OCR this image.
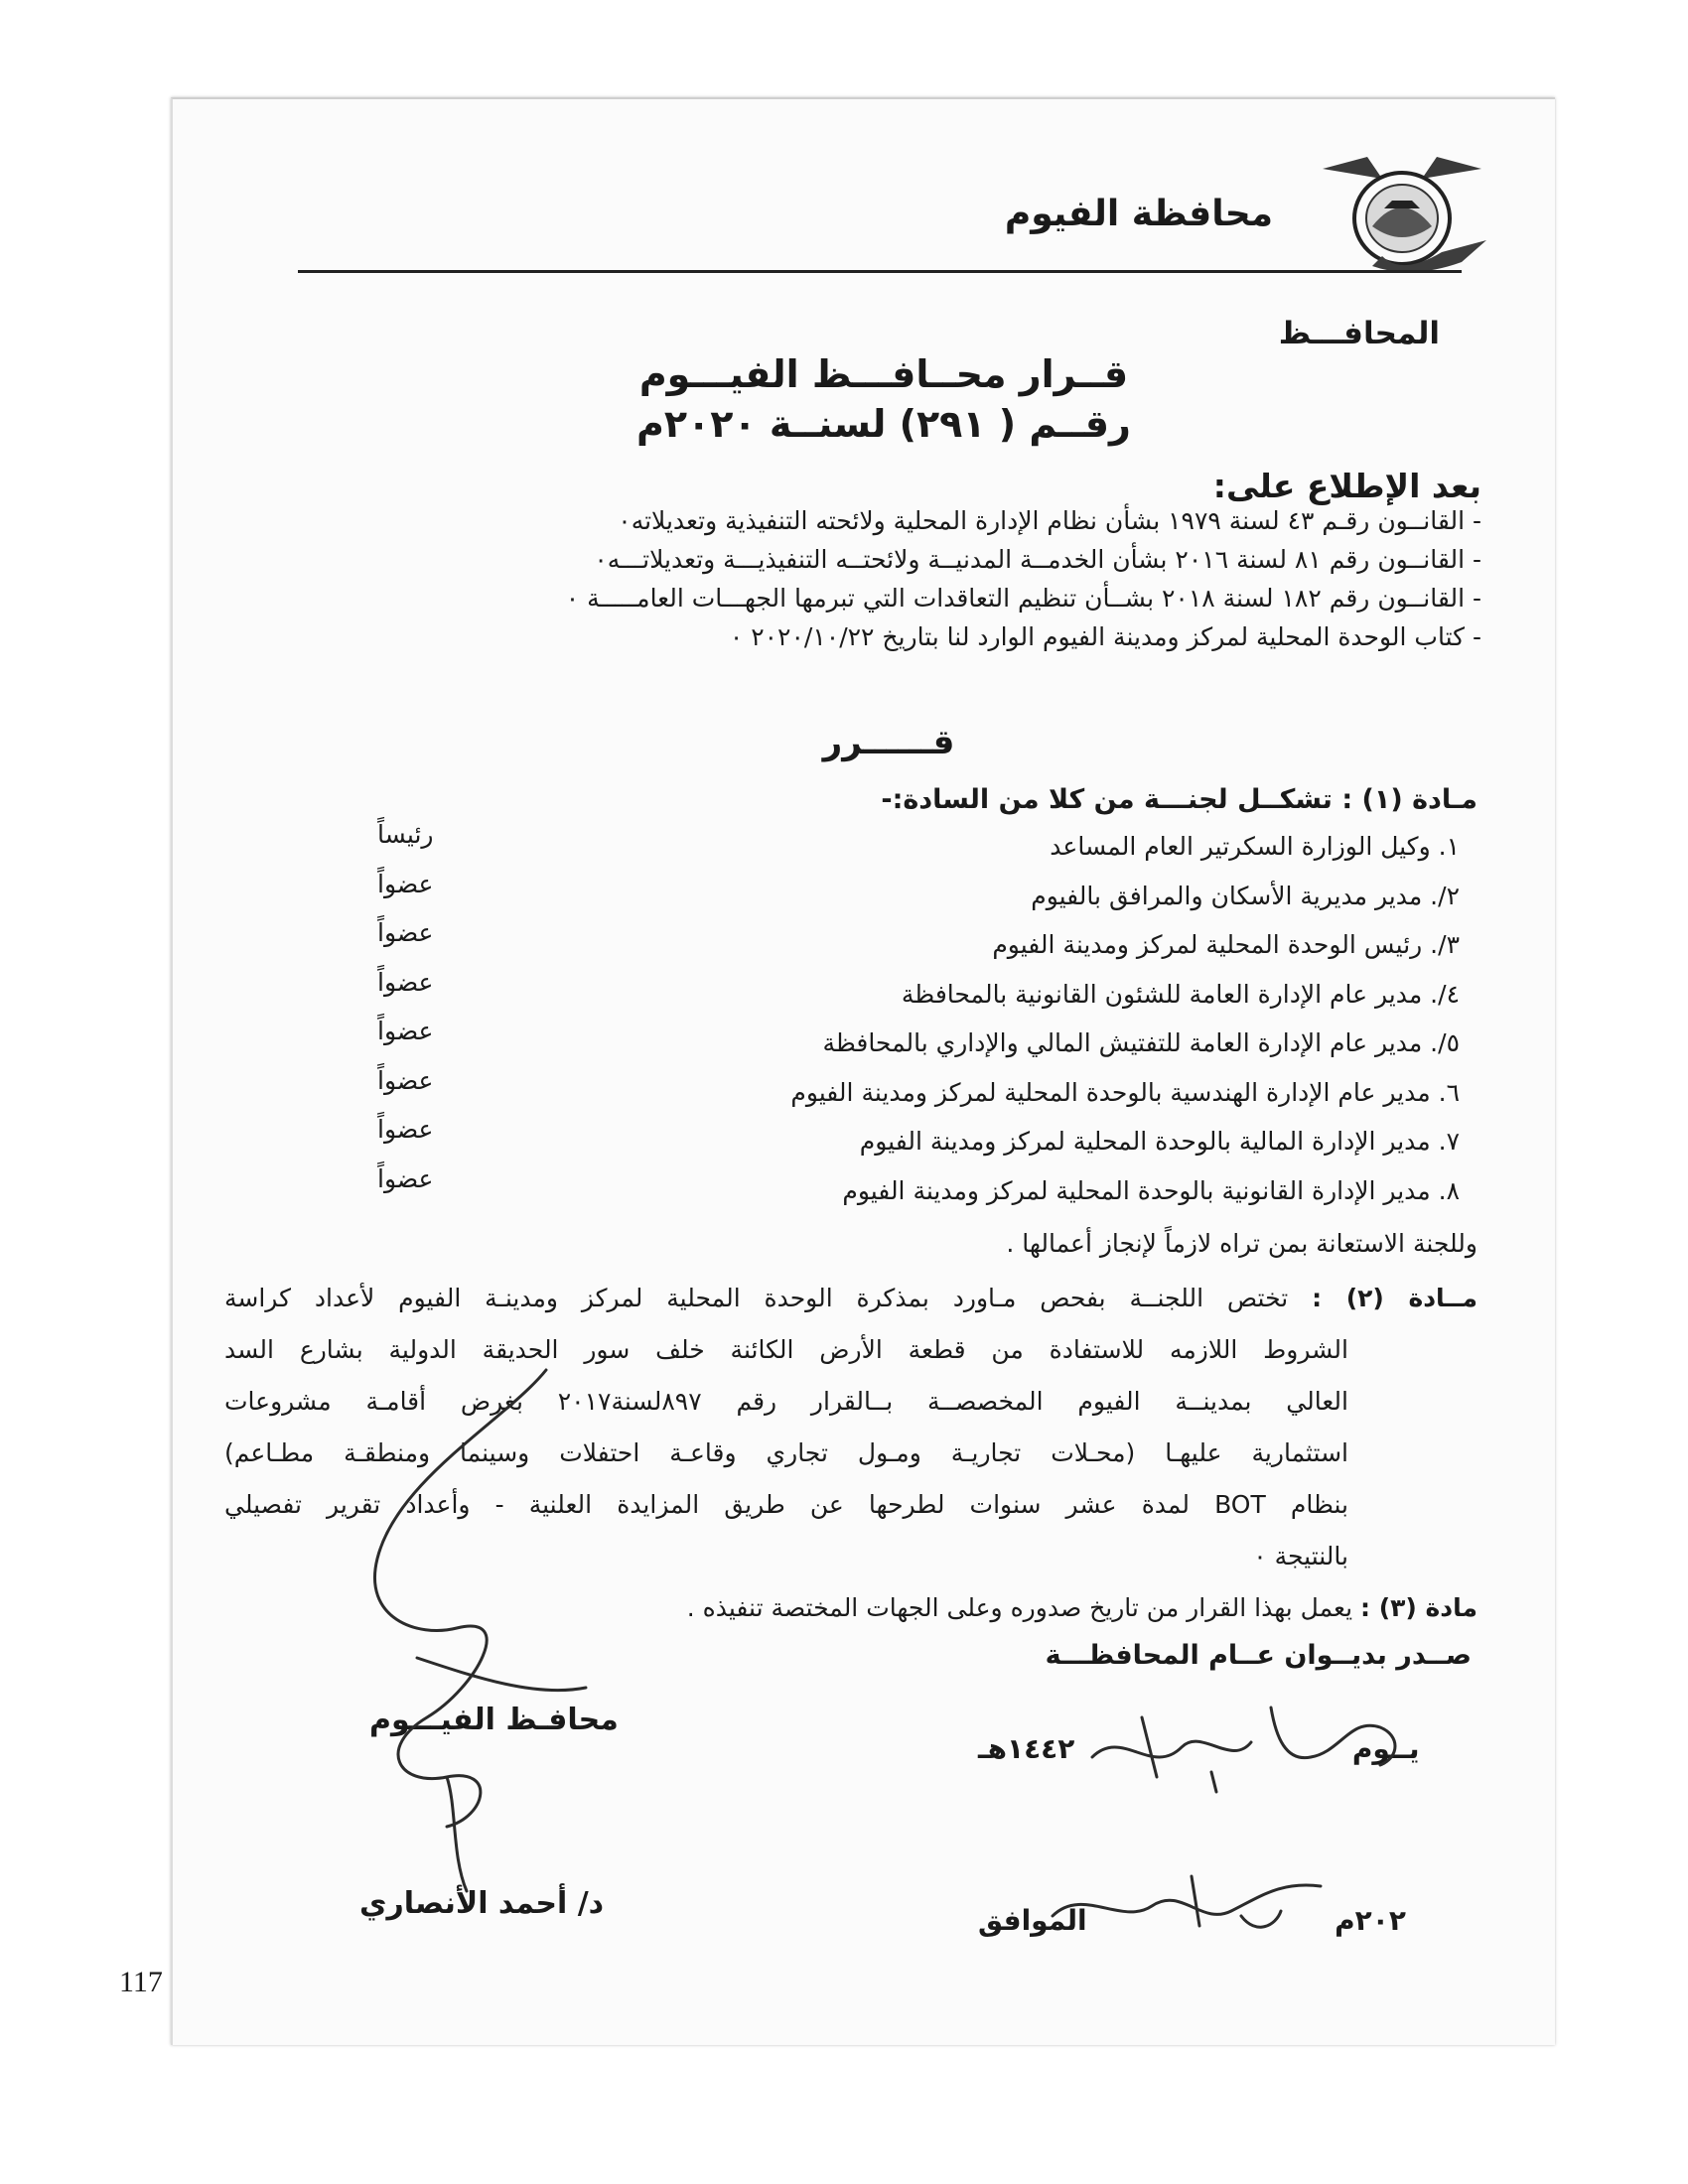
محافظة الفيوم
المحافـــظ
قــرار محــافـــظ الفيـــوم
رقــم ( ٢٩١) لسنــة ٢٠٢٠م
بعد الإطلاع على:
- القانــون رقـم ٤٣ لسنة ١٩٧٩ بشأن نظام الإدارة المحلية ولائحته التنفيذية وتعديلاته٠
- القانــون رقم ٨١ لسنة ٢٠١٦ بشأن الخدمــة المدنيــة ولائحتــه التنفيذيـــة وتعديلاتـــه٠
- القانــون رقم ١٨٢ لسنة ٢٠١٨ بشــأن تنظيم التعاقدات التي تبرمها الجهـــات العامـــــة ٠
- كتاب الوحدة المحلية لمركز ومدينة الفيوم الوارد لنا بتاريخ ٢٠٢٠/١٠/٢٢ ٠
قــــــرر
مـادة (١) : تشكــل لجنـــة من كلا من السادة:-
١. وكيل الوزارة السكرتير العام المساعد
رئيساً
٢/. مدير مديرية الأسكان والمرافق بالفيوم
عضواً
٣/. رئيس الوحدة المحلية لمركز ومدينة الفيوم
عضواً
٤/. مدير عام الإدارة العامة للشئون القانونية بالمحافظة
عضواً
٥/. مدير عام الإدارة العامة للتفتيش المالي والإداري بالمحافظة
عضواً
٦. مدير عام الإدارة الهندسية بالوحدة المحلية لمركز ومدينة الفيوم
عضواً
٧. مدير الإدارة المالية بالوحدة المحلية لمركز ومدينة الفيوم
عضواً
٨. مدير الإدارة القانونية بالوحدة المحلية لمركز ومدينة الفيوم
عضواً
وللجنة الاستعانة بمن تراه لازماً لإنجاز أعمالها .
مــادة (٢) : تختص اللجنــة بفحص مـاورد بمذكرة الوحدة المحلية لمركز ومدينـة الفيوم لأعداد كراسة
الشروط اللازمه للاستفادة من قطعة الأرض الكائنة خلف سور الحديقة الدولية بشارع السد
العالي بمدينــة الفيوم المخصصــة بــالقرار رقم ٨٩٧لسنة٢٠١٧ بغرض أقامـة مشروعات
استثمارية عليهـا (محـلات تجاريـة ومـول تجاري وقاعـة احتفلات وسينما ومنطقـة مطـاعم)
بنظام BOT لمدة عشر سنوات لطرحها عن طريق المزايدة العلنية - وأعداد تقرير تفصيلي
بالنتيجة ٠
مادة (٣) : يعمل بهذا القرار من تاريخ صدوره وعلى الجهات المختصة تنفيذه .
صــدر بديــوان عــام المحافظـــة
محافـظ الفيـــوم
د/ أحمد الأنصاري
يــوم  ١٤٤٢هـ
٢٠٢م  الموافق
117
